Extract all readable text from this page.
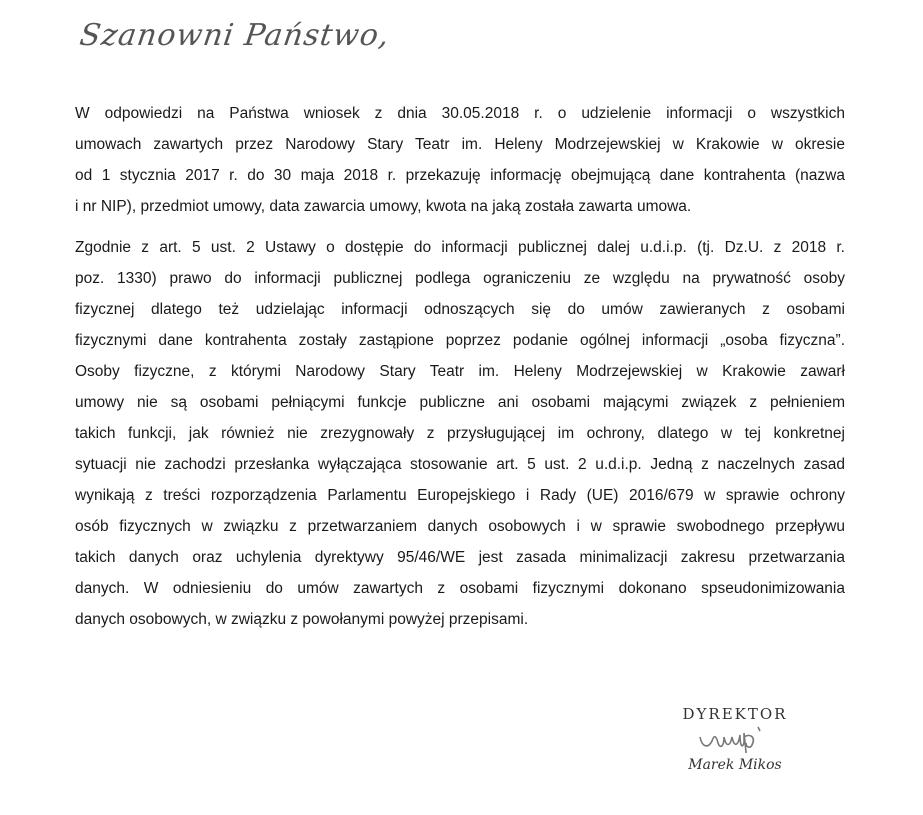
Szanowni Państwo,
W odpowiedzi na Państwa wniosek z dnia 30.05.2018 r. o udzielenie informacji o wszystkich
umowach zawartych przez Narodowy Stary Teatr im. Heleny Modrzejewskiej w Krakowie w okresie
od 1 stycznia 2017 r. do 30 maja 2018 r. przekazuję informację obejmującą dane kontrahenta (nazwa
i nr NIP), przedmiot umowy, data zawarcia umowy, kwota na jaką została zawarta umowa.
Zgodnie z art. 5 ust. 2 Ustawy o dostępie do informacji publicznej dalej u.d.i.p. (tj. Dz.U. z 2018 r.
poz. 1330) prawo do informacji publicznej podlega ograniczeniu ze względu na prywatność osoby
fizycznej dlatego też udzielając informacji odnoszących się do umów zawieranych z osobami
fizycznymi dane kontrahenta zostały zastąpione poprzez podanie ogólnej informacji „osoba fizyczna”.
Osoby fizyczne, z którymi Narodowy Stary Teatr im. Heleny Modrzejewskiej w Krakowie zawarł
umowy nie są osobami pełniącymi funkcje publiczne ani osobami mającymi związek z pełnieniem
takich funkcji, jak również nie zrezygnowały z przysługującej im ochrony, dlatego w tej konkretnej
sytuacji nie zachodzi przesłanka wyłączająca stosowanie art. 5 ust. 2 u.d.i.p. Jedną z naczelnych zasad
wynikają z treści rozporządzenia Parlamentu Europejskiego i Rady (UE) 2016/679 w sprawie ochrony
osób fizycznych w związku z przetwarzaniem danych osobowych i w sprawie swobodnego przepływu
takich danych oraz uchylenia dyrektywy 95/46/WE jest zasada minimalizacji zakresu przetwarzania
danych. W odniesieniu do umów zawartych z osobami fizycznymi dokonano spseudonimizowania
danych osobowych, w związku z powołanymi powyżej przepisami.
DYREKTOR
Marek Mikos
